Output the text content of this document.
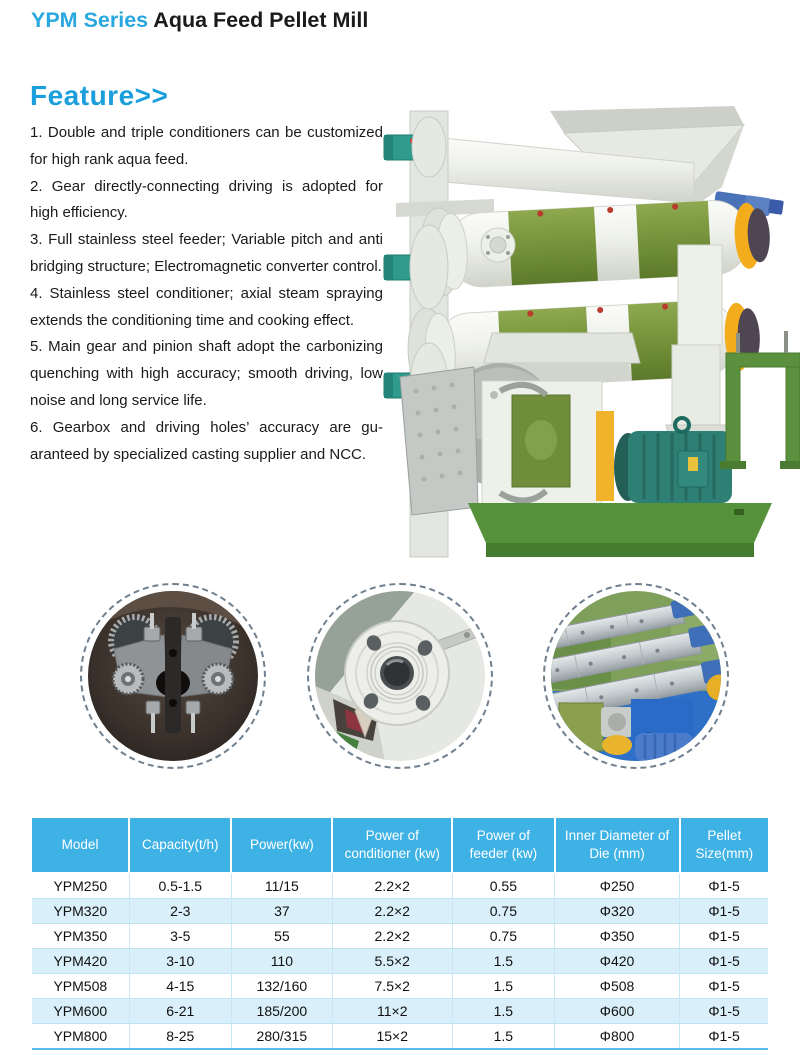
YPM Series Aqua Feed Pellet Mill
Feature>>
1. Double and triple conditioners can be customized for high rank aqua feed.
2. Gear directly-connecting driving is adopted for high efficiency.
3. Full stainless steel feeder; Variable pitch and anti bridging structure; Electromagnetic converter control.
4. Stainless steel conditioner; axial steam spraying extends the conditioning time and cooking effect.
5. Main gear and pinion shaft adopt the carbonizing quenching with high accuracy; smooth driving, low noise and long service life.
6. Gearbox and driving holes’ accuracy are guaranteed by specialized casting supplier and NCC.
Model	Capacity(t/h)	Power(kw)	Power of conditioner (kw)	Power of feeder (kw)	Inner Diameter of Die (mm)	Pellet Size(mm)
YPM250	0.5-1.5	11/15	2.2×2	0.55	Φ250	Φ1-5
YPM320	2-3	37	2.2×2	0.75	Φ320	Φ1-5
YPM350	3-5	55	2.2×2	0.75	Φ350	Φ1-5
YPM420	3-10	110	5.5×2	1.5	Φ420	Φ1-5
YPM508	4-15	132/160	7.5×2	1.5	Φ508	Φ1-5
YPM600	6-21	185/200	11×2	1.5	Φ600	Φ1-5
YPM800	8-25	280/315	15×2	1.5	Φ800	Φ1-5
